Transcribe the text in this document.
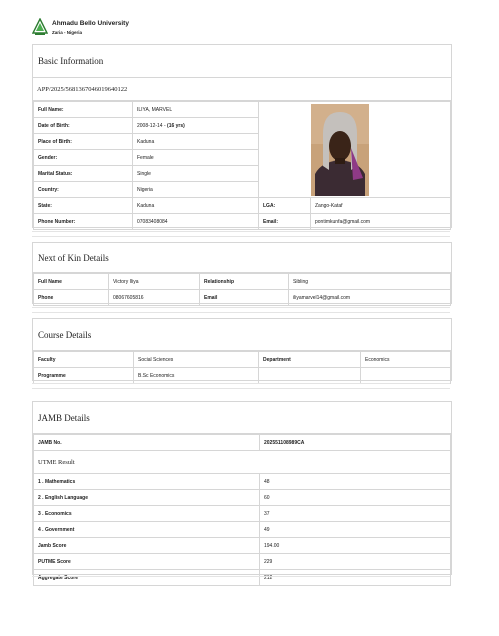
Ahmadu Bello University
Zaria - Nigeria
Basic Information
APP/2025/56813670460196401​22
Full Name:	ILIYA, MARVEL		
Date of Birth:	2008-12-14 - (16 yrs)		
Place of Birth:	Kaduna		
Gender:	Female		
Marital Status:	Single		
Country:	Nigeria		
State:	Kaduna	LGA:	Zango-Kataf
Phone Number:	07083408084	Email:	pontimkunfa@gmail.com
Next of Kin Details
Full Name	Victory Iliya	Relationship	Sibling
Phone	08067605816	Email	iliyamarvel14@gmail.com
Course Details
Faculty	Social Sciences	Department	Economics
Programme	B.Sc Economics		
JAMB Details
JAMB No.	202551108989CA
UTME Result
1 . Mathematics	48
2 . English Language	60
3 . Economics	37
4 . Government	49
Jamb Score	194.00
PUTME Score	229
Aggregate Score	212
